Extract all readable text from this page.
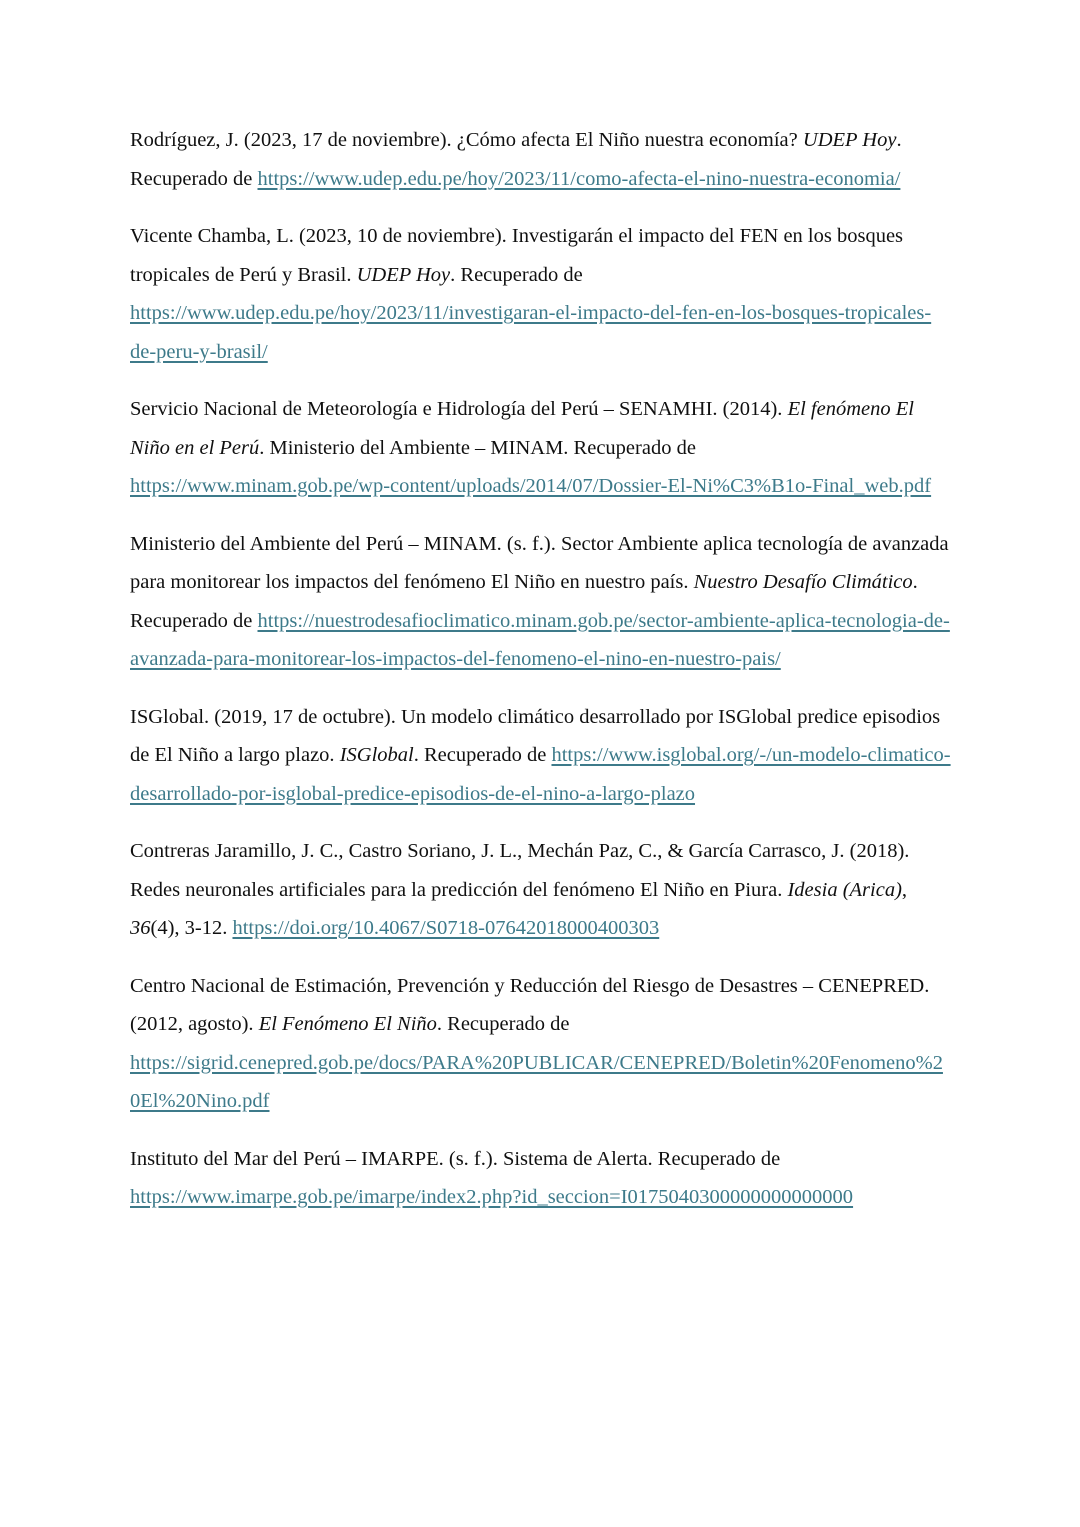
Rodríguez, J. (2023, 17 de noviembre). ¿Cómo afecta El Niño nuestra economía? UDEP Hoy. Recuperado de https://www.udep.edu.pe/hoy/2023/11/como-afecta-el-nino-nuestra-economia/

Vicente Chamba, L. (2023, 10 de noviembre). Investigarán el impacto del FEN en los bosques tropicales de Perú y Brasil. UDEP Hoy. Recuperado de https://www.udep.edu.pe/hoy/2023/11/investigaran-el-impacto-del-fen-en-los-bosques-tropicales-de-peru-y-brasil/

Servicio Nacional de Meteorología e Hidrología del Perú – SENAMHI. (2014). El fenómeno El Niño en el Perú. Ministerio del Ambiente – MINAM. Recuperado de https://www.minam.gob.pe/wp-content/uploads/2014/07/Dossier-El-Ni%C3%B1o-Final_web.pdf

Ministerio del Ambiente del Perú – MINAM. (s. f.). Sector Ambiente aplica tecnología de avanzada para monitorear los impactos del fenómeno El Niño en nuestro país. Nuestro Desafío Climático. Recuperado de https://nuestrodesafioclimatico.minam.gob.pe/sector-ambiente-aplica-tecnologia-de-avanzada-para-monitorear-los-impactos-del-fenomeno-el-nino-en-nuestro-pais/

ISGlobal. (2019, 17 de octubre). Un modelo climático desarrollado por ISGlobal predice episodios de El Niño a largo plazo. ISGlobal. Recuperado de https://www.isglobal.org/-/un-modelo-climatico-desarrollado-por-isglobal-predice-episodios-de-el-nino-a-largo-plazo

Contreras Jaramillo, J. C., Castro Soriano, J. L., Mechán Paz, C., & García Carrasco, J. (2018). Redes neuronales artificiales para la predicción del fenómeno El Niño en Piura. Idesia (Arica), 36(4), 3-12. https://doi.org/10.4067/S0718-07642018000400303

Centro Nacional de Estimación, Prevención y Reducción del Riesgo de Desastres – CENEPRED. (2012, agosto). El Fenómeno El Niño. Recuperado de https://sigrid.cenepred.gob.pe/docs/PARA%20PUBLICAR/CENEPRED/Boletin%20Fenomeno%20El%20Nino.pdf

Instituto del Mar del Perú – IMARPE. (s. f.). Sistema de Alerta. Recuperado de https://www.imarpe.gob.pe/imarpe/index2.php?id_seccion=I0175040300000000000000
